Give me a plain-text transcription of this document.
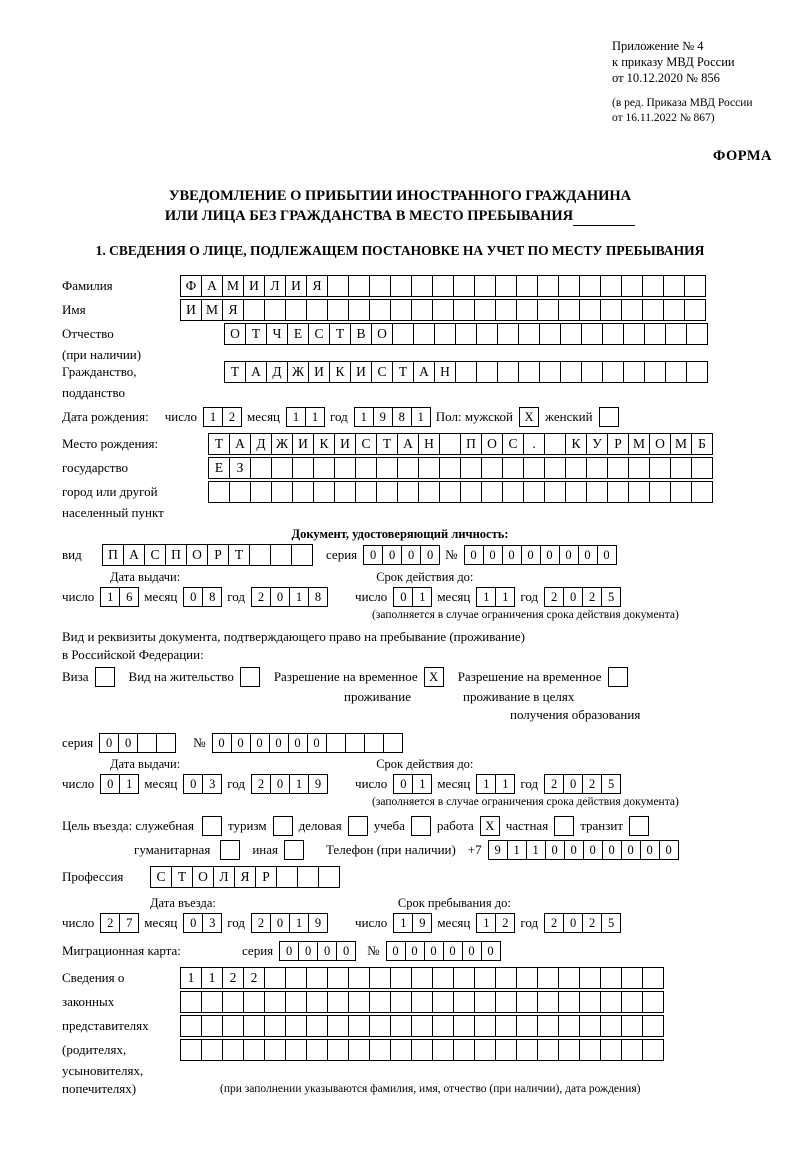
Приложение № 4
к приказу МВД России
от 10.12.2020 № 856
(в ред. Приказа МВД России
от 16.11.2022 № 867)
ФОРМА
УВЕДОМЛЕНИЕ О ПРИБЫТИИ ИНОСТРАННОГО ГРАЖДАНИНА
ИЛИ ЛИЦА БЕЗ ГРАЖДАНСТВА В МЕСТО ПРЕБЫВАНИЯ
1. СВЕДЕНИЯ О ЛИЦЕ, ПОДЛЕЖАЩЕМ ПОСТАНОВКЕ НА УЧЕТ ПО МЕСТУ ПРЕБЫВАНИЯ
Фамилия	Ф А М И Л И Я
Имя	И М Я
Отчество	О Т Ч Е С Т В О
(при наличии)
Гражданство,	Т А Д Ж И К И С Т А Н
подданство
Дата рождения: число	1	2 месяц	1	1 год	1	9	8	1 Пол: мужской X женский
Место рождения:	Т А Д Ж И К И С Т А Н	П О С	.	К У Р М О М Б
государство	Е З
город или другой
населенный пункт
Документ, удостоверяющий личность:
вид	П А С П О Р Т	серия	0	0	0	0 №	0	0	0	0	0	0	0	0
Дата выдачи:	Срок действия до:
число	1	6 месяц	0	8 год	2	0	1	8	число	0	1 месяц	1	1 год	2	0	2	5
(заполняется в случае ограничения срока действия документа)
Вид и реквизиты документа, подтверждающего право на пребывание (проживание)
в Российской Федерации:
Виза	Вид на жительство	Разрешение на временное X	Разрешение на временное
проживание	проживание в целях
получения образования
серия	0	0	№	0	0	0	0	0	0
Дата выдачи:	Срок действия до:
число	0	1 месяц	0	3 год	2	0	1	9	число	0	1 месяц	1	1 год	2	0	2	5
(заполняется в случае ограничения срока действия документа)
Цель въезда: служебная	туризм деловая учеба работа X частная транзит
гуманитарная	иная	Телефон (при наличии) +7	9	1	1	0	0	0	0	0	0	0
Профессия	С Т О Л Я Р
Дата въезда:	Срок пребывания до:
число	2	7 месяц	0	3 год	2	0	1	9	число	1	9 месяц	1	2 год	2	0	2	5
Миграционная карта:	серия	0	0	0	0	№	0	0	0	0	0	0
Сведения о	1	1	2	2
законных
представителях
(родителях,
усыновителях,
попечителях)	(при заполнении указываются фамилия, имя, отчество (при наличии), дата рождения)
